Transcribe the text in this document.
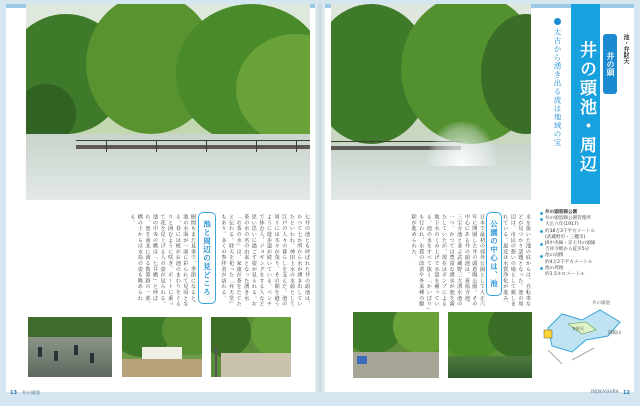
樹間もまた見事で、季節になると、池の水面が一面に彩られて見頃となる。春には桜がお池のまわりをぐるりと囲むように咲き、ボートに乗って花を見上げる人の姿が見られる。池の中央の橋は「七井橋」と呼ばれ、池を南北に渡る散策路の一部。橋の上からは水鳥の姿も眺められる。	七井の池とも呼ばれた井の頭池は、かつて七か所から水が湧き出していたといわれ、神田上水の水源として江戸の人々の暮らしを支えた。池の周りには木々が茂り、その間を縫うように遊歩道が続いている。ベンチで休む人、ジョギングをする人など思い思いに過ごす姿が見られる。お茶の水の名の由来となった湧き水「お茶の水」は、家康が茶をたてたと伝わる。財天を祀った「弁天堂」もあり、多くの参拝者が訪れる。
池と周辺の見どころ
13 井の頭池
井の頭池・周辺	井の頭	池・弁財天
太古から湧き出る流は地域の宝
日本で最初の郊外公園として大正六年に開園した井の頭恩賜公園。その中心にある井の頭池は、善福寺池、三宝寺池と並ぶ武蔵野三大湧水池の一つ。かつては豊富な湧水が池を満たしていたが、現在はポンプによる地下水のくみ上げで水量を補っている。池の水をすべて抜く「かいぼり」も行われ、水質の改善や外来種の駆除が進められた。	水を抜いた池の底からは、自転車などが見つかり話題となった。池の周辺は、市民の憩いの場として親しまれている。最近は水質浄化が進み、
公園の中心は、池
井の頭恩賜公園
井の頭恩賜公園管理所
大正六年(1917)
約38万3千平方メートル
(武蔵野市・三鷹市)
JR中央線・京王井の頭線
吉祥寺駅から徒歩5分
池の面積
約4万2千平方メートル
池の周囲
約1.5キロメートル
井の頭池
御殿山
弁財天
INOKASHIRA 12
